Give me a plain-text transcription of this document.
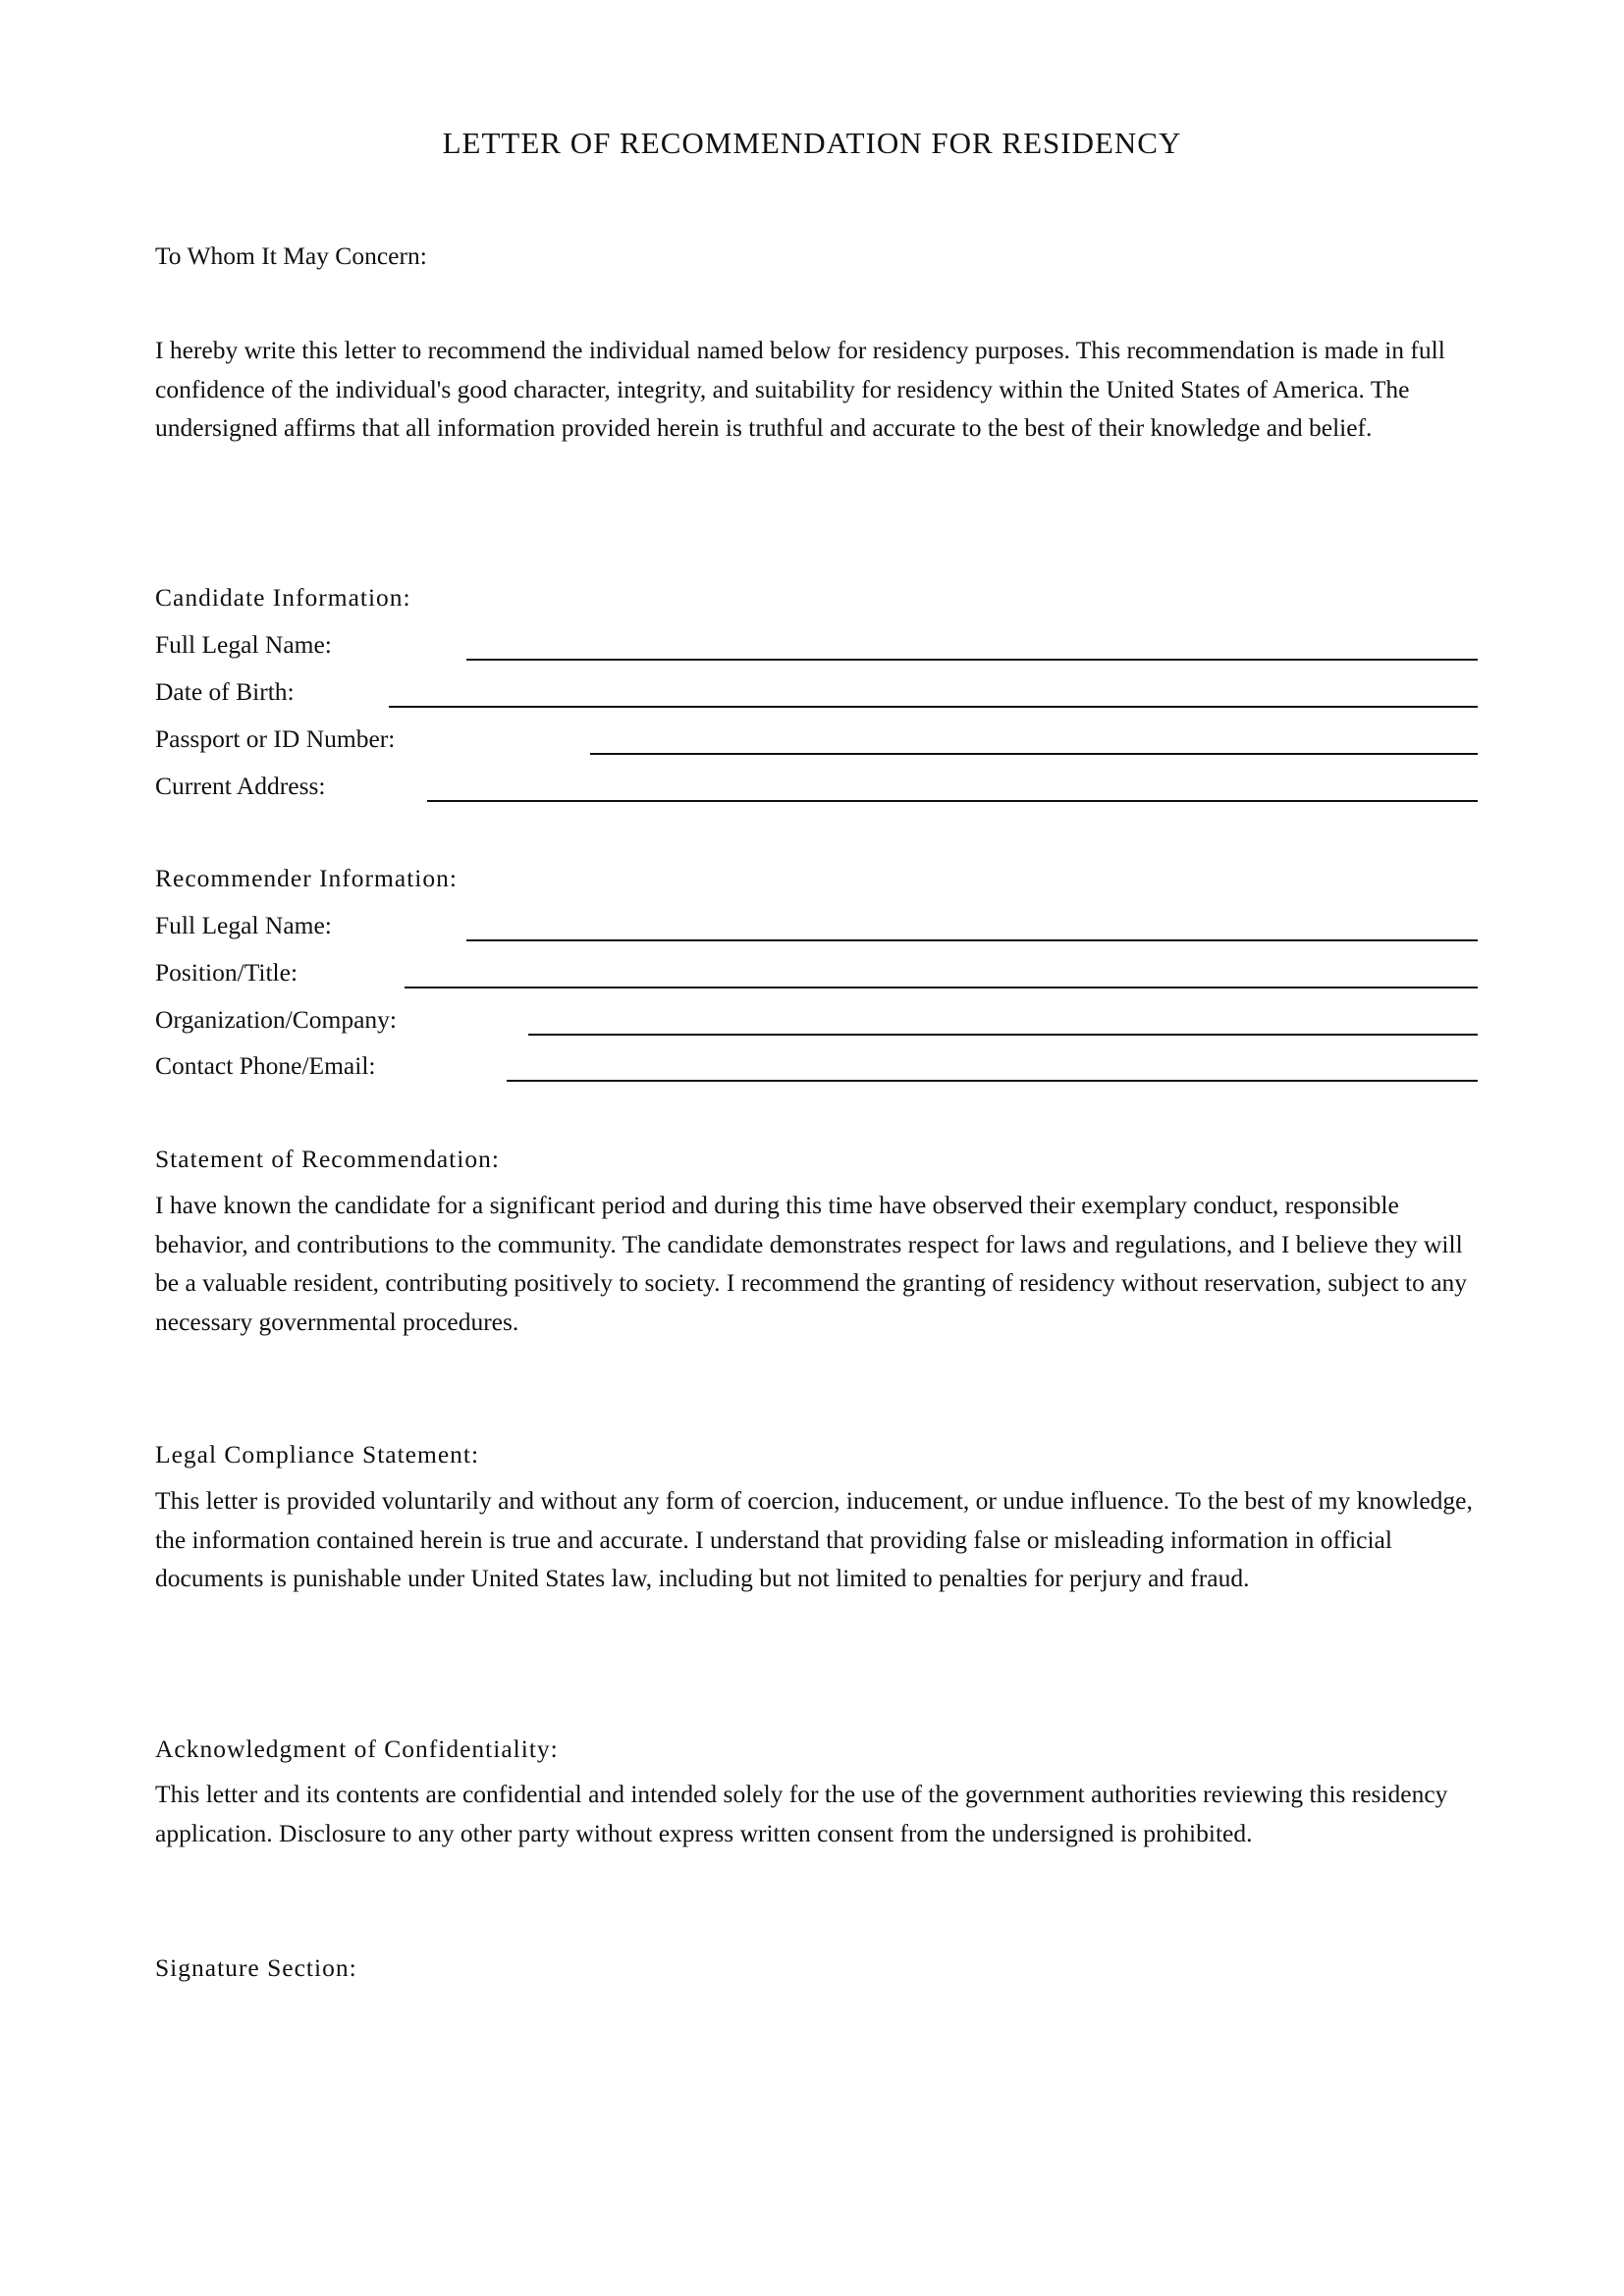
LETTER OF RECOMMENDATION FOR RESIDENCY
To Whom It May Concern:
I hereby write this letter to recommend the individual named below for residency purposes. This recommendation is made in full confidence of the individual's good character, integrity, and suitability for residency within the United States of America. The undersigned affirms that all information provided herein is truthful and accurate to the best of their knowledge and belief.
Candidate Information:
Full Legal Name:
Date of Birth:
Passport or ID Number:
Current Address:
Recommender Information:
Full Legal Name:
Position/Title:
Organization/Company:
Contact Phone/Email:
Statement of Recommendation:
I have known the candidate for a significant period and during this time have observed their exemplary conduct, responsible behavior, and contributions to the community. The candidate demonstrates respect for laws and regulations, and I believe they will be a valuable resident, contributing positively to society. I recommend the granting of residency without reservation, subject to any necessary governmental procedures.
Legal Compliance Statement:
This letter is provided voluntarily and without any form of coercion, inducement, or undue influence. To the best of my knowledge, the information contained herein is true and accurate. I understand that providing false or misleading information in official documents is punishable under United States law, including but not limited to penalties for perjury and fraud.
Acknowledgment of Confidentiality:
This letter and its contents are confidential and intended solely for the use of the government authorities reviewing this residency application. Disclosure to any other party without express written consent from the undersigned is prohibited.
Signature Section:
